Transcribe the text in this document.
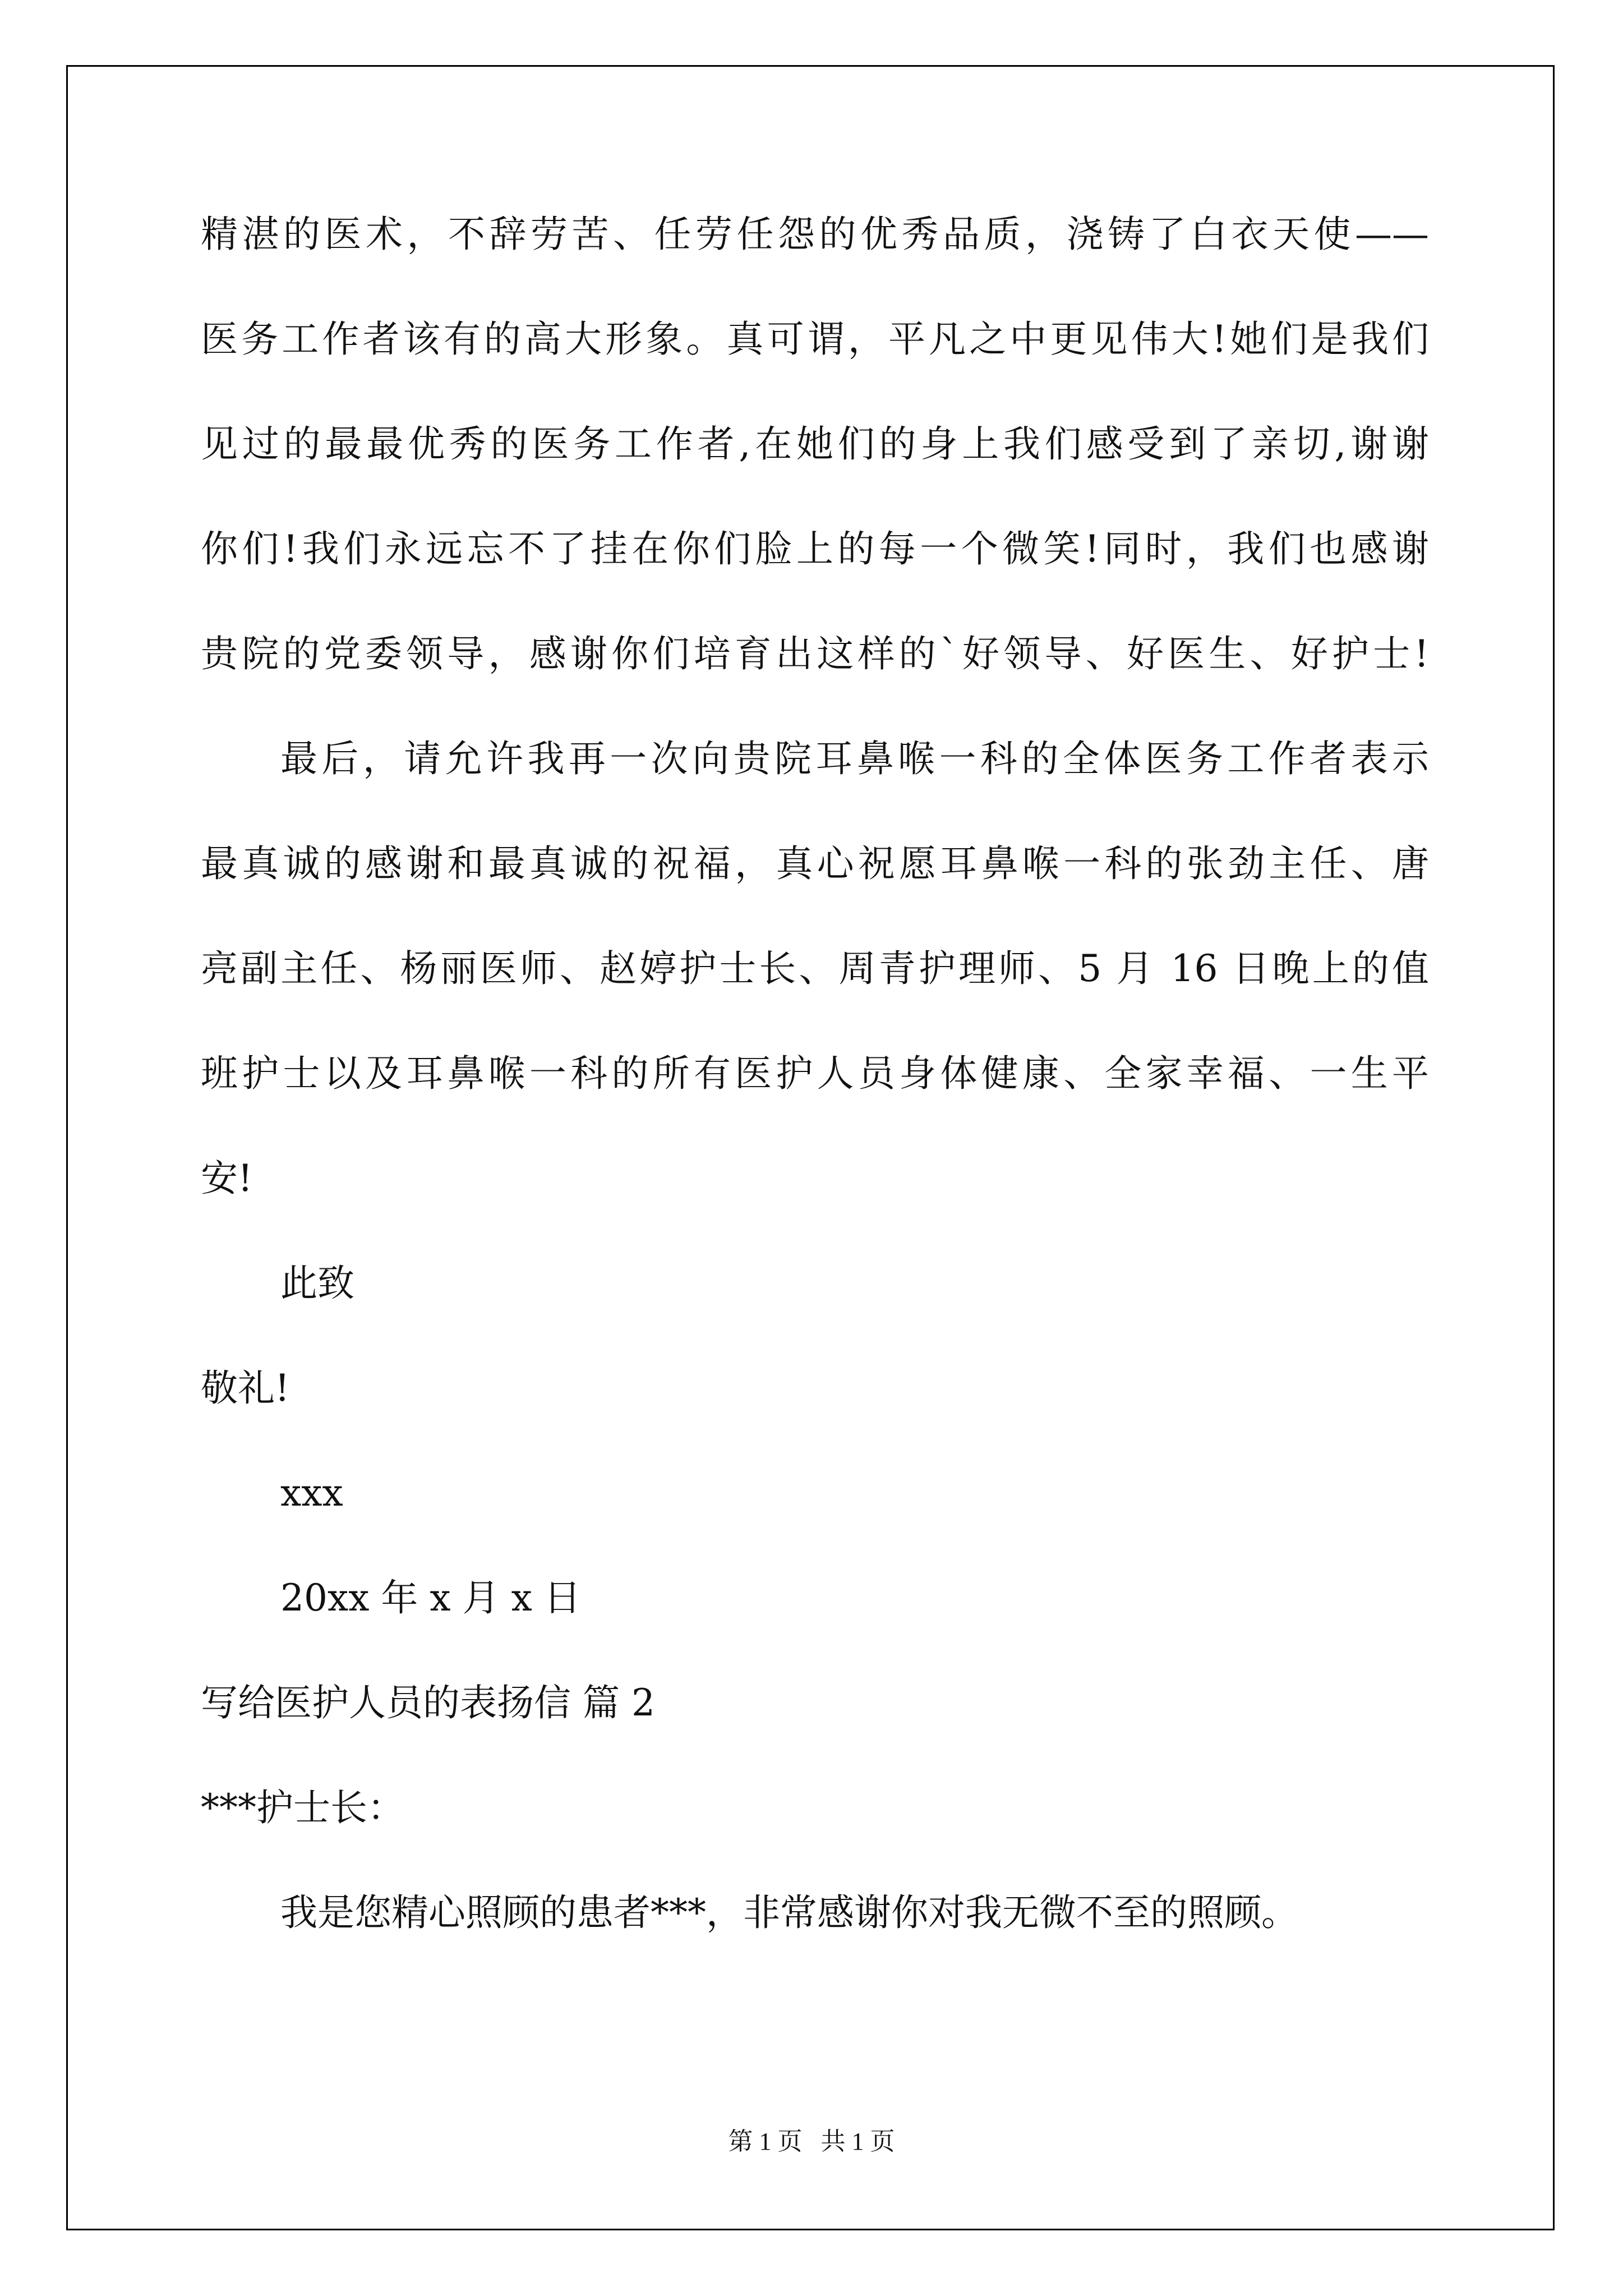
精湛的医术，不辞劳苦、任劳任怨的优秀品质，浇铸了白衣天使——
医务工作者该有的高大形象。真可谓，平凡之中更见伟大!她们是我们
见过的最最优秀的医务工作者,在她们的身上我们感受到了亲切,谢谢
你们!我们永远忘不了挂在你们脸上的每一个微笑!同时，我们也感谢
贵院的党委领导，感谢你们培育出这样的`好领导、好医生、好护士!
最后，请允许我再一次向贵院耳鼻喉一科的全体医务工作者表示
最真诚的感谢和最真诚的祝福，真心祝愿耳鼻喉一科的张劲主任、唐
亮副主任、杨丽医师、赵婷护士长、周青护理师、5 月 16 日晚上的值
班护士以及耳鼻喉一科的所有医护人员身体健康、全家幸福、一生平
安!
此致
敬礼!
xxx
20xx 年 x 月 x 日
写给医护人员的表扬信 篇 2
***护士长：
我是您精心照顾的患者***，非常感谢你对我无微不至的照顾。
第 1 页   共 1 页
